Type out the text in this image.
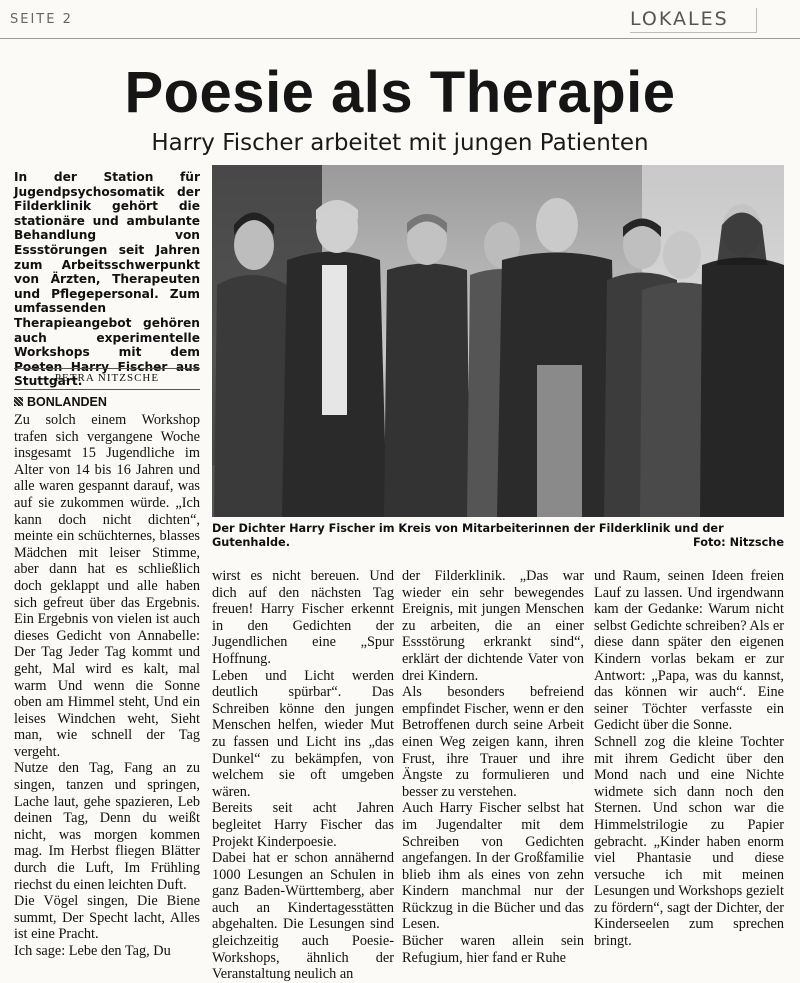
SEITE 2	LOKALES
Poesie als Therapie
Harry Fischer arbeitet mit jungen Patienten
In der Station für Jugendpsychosomatik der Filderklinik gehört die stationäre und ambulante Behandlung von Essstörungen seit Jahren zum Arbeitsschwerpunkt von Ärzten, Therapeuten und Pflegepersonal. Zum umfassenden Therapieangebot gehören auch experimentelle Workshops mit dem Poeten Harry Fischer aus Stuttgart.
PETRA NITZSCHE
BONLANDEN

Zu solch einem Workshop trafen sich vergangene Woche insgesamt 15 Jugendliche im Alter von 14 bis 16 Jahren und alle waren gespannt darauf, was auf sie zukommen würde. „Ich kann doch nicht dichten“, meinte ein schüchternes, blasses Mädchen mit leiser Stimme, aber dann hat es schließlich doch geklappt und alle haben sich gefreut über das Ergebnis. Ein Ergebnis von vielen ist auch dieses Gedicht von Annabelle: Der Tag Jeder Tag kommt und geht, Mal wird es kalt, mal warm Und wenn die Sonne oben am Himmel steht, Und ein leises Windchen weht, Sieht man, wie schnell der Tag vergeht.

Nutze den Tag, Fang an zu singen, tanzen und springen, Lache laut, gehe spazieren, Leb deinen Tag, Denn du weißt nicht, was morgen kommen mag. Im Herbst fliegen Blätter durch die Luft, Im Frühling riechst du einen leichten Duft.

Die Vögel singen, Die Biene summt, Der Specht lacht, Alles ist eine Pracht.

Ich sage: Lebe den Tag, Du

Der Dichter Harry Fischer im Kreis von Mitarbeiterinnen der Filderklinik und der Gutenhalde.	Foto: Nitzsche

wirst es nicht bereuen. Und dich auf den nächsten Tag freuen! Harry Fischer erkennt in den Gedichten der Jugendlichen eine „Spur Hoffnung.

Leben und Licht werden deutlich spürbar“. Das Schreiben könne den jungen Menschen helfen, wieder Mut zu fassen und Licht ins „das Dunkel“ zu bekämpfen, von welchem sie oft umgeben wären.

Bereits seit acht Jahren begleitet Harry Fischer das Projekt Kinderpoesie.

Dabei hat er schon annähernd 1000 Lesungen an Schulen in ganz Baden-Württemberg, aber auch an Kindertagesstätten abgehalten. Die Lesungen sind gleichzeitig auch Poesie-Workshops, ähnlich der Veranstaltung neulich an

der Filderklinik. „Das war wieder ein sehr bewegendes Ereignis, mit jungen Menschen zu arbeiten, die an einer Essstörung erkrankt sind“, erklärt der dichtende Vater von drei Kindern.

Als besonders befreiend empfindet Fischer, wenn er den Betroffenen durch seine Arbeit einen Weg zeigen kann, ihren Frust, ihre Trauer und ihre Ängste zu formulieren und besser zu verstehen.

Auch Harry Fischer selbst hat im Jugendalter mit dem Schreiben von Gedichten angefangen. In der Großfamilie blieb ihm als eines von zehn Kindern manchmal nur der Rückzug in die Bücher und das Lesen.

Bücher waren allein sein Refugium, hier fand er Ruhe

und Raum, seinen Ideen freien Lauf zu lassen. Und irgendwann kam der Gedanke: Warum nicht selbst Gedichte schreiben? Als er diese dann später den eigenen Kindern vorlas bekam er zur Antwort: „Papa, was du kannst, das können wir auch“. Eine seiner Töchter verfasste ein Gedicht über die Sonne.

Schnell zog die kleine Tochter mit ihrem Gedicht über den Mond nach und eine Nichte widmete sich dann noch den Sternen. Und schon war die Himmelstrilogie zu Papier gebracht. „Kinder haben enorm viel Phantasie und diese versuche ich mit meinen Lesungen und Workshops gezielt zu fördern“, sagt der Dichter, der Kinderseelen zum sprechen bringt.
